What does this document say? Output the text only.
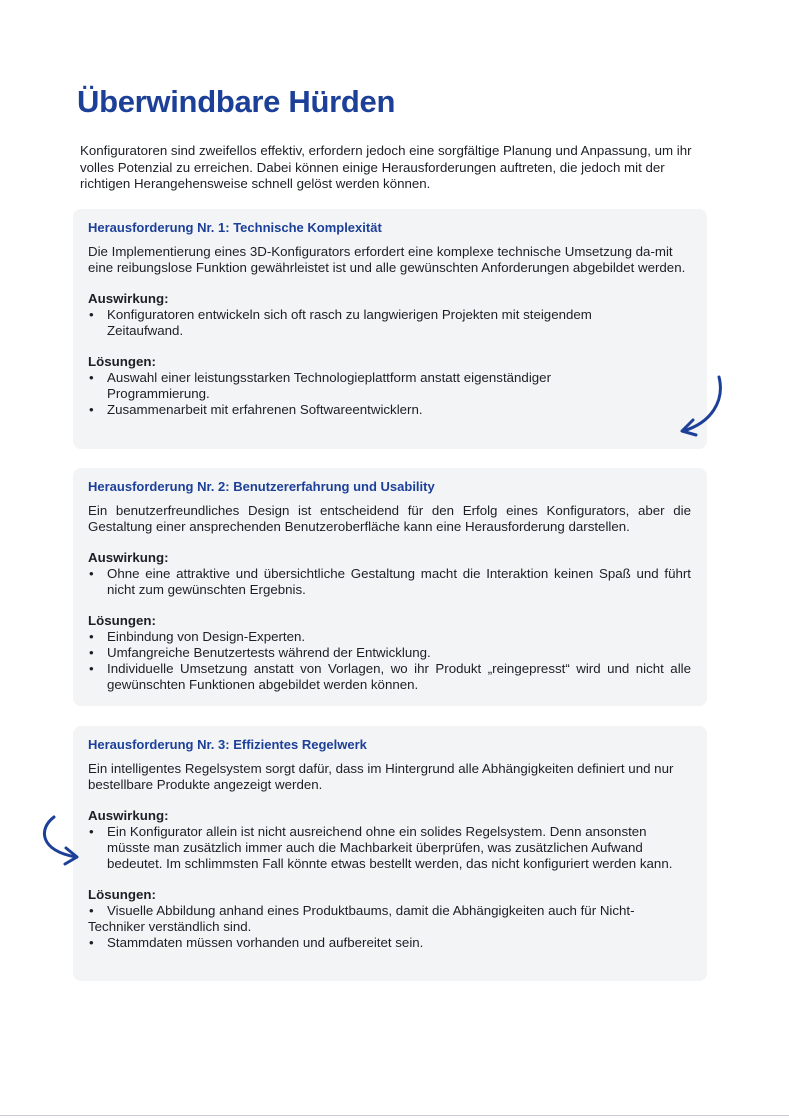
Überwindbare Hürden

Konfiguratoren sind zweifellos effektiv, erfordern jedoch eine sorgfältige Planung und Anpassung, um ihr volles Potenzial zu erreichen. Dabei können einige Herausforderungen auftreten, die jedoch mit der richtigen Herangehensweise schnell gelöst werden können.

Herausforderung Nr. 1: Technische Komplexität

Die Implementierung eines 3D-Konfigurators erfordert eine komplexe technische Umsetzung da-mit eine reibungslose Funktion gewährleistet ist und alle gewünschten Anforderungen abgebildet werden.

Auswirkung:
• Konfiguratoren entwickeln sich oft rasch zu langwierigen Projekten mit steigendem Zeitaufwand.
Lösungen:
• Auswahl einer leistungsstarken Technologieplattform anstatt eigenständiger Programmierung.
• Zusammenarbeit mit erfahrenen Softwareentwicklern.
Herausforderung Nr. 2: Benutzererfahrung und Usability

Ein benutzerfreundliches Design ist entscheidend für den Erfolg eines Konfigurators, aber die Gestaltung einer ansprechenden Benutzeroberfläche kann eine Herausforderung darstellen.

Auswirkung:
• Ohne eine attraktive und übersichtliche Gestaltung macht die Interaktion keinen Spaß und führt nicht zum gewünschten Ergebnis.
Lösungen:
• Einbindung von Design-Experten.
• Umfangreiche Benutzertests während der Entwicklung.
• Individuelle Umsetzung anstatt von Vorlagen, wo ihr Produkt „reingepresst“ wird und nicht alle gewünschten Funktionen abgebildet werden können.
Herausforderung Nr. 3: Effizientes Regelwerk

Ein intelligentes Regelsystem sorgt dafür, dass im Hintergrund alle Abhängigkeiten definiert und nur bestellbare Produkte angezeigt werden.

Auswirkung:
• Ein Konfigurator allein ist nicht ausreichend ohne ein solides Regelsystem. Denn ansonsten müsste man zusätzlich immer auch die Machbarkeit überprüfen, was zusätzlichen Aufwand bedeutet. Im schlimmsten Fall könnte etwas bestellt werden, das nicht konfiguriert werden kann.
Lösungen:
• Visuelle Abbildung anhand eines Produktbaums, damit die Abhängigkeiten auch für Nicht-Techniker verständlich sind.
• Stammdaten müssen vorhanden und aufbereitet sein.
